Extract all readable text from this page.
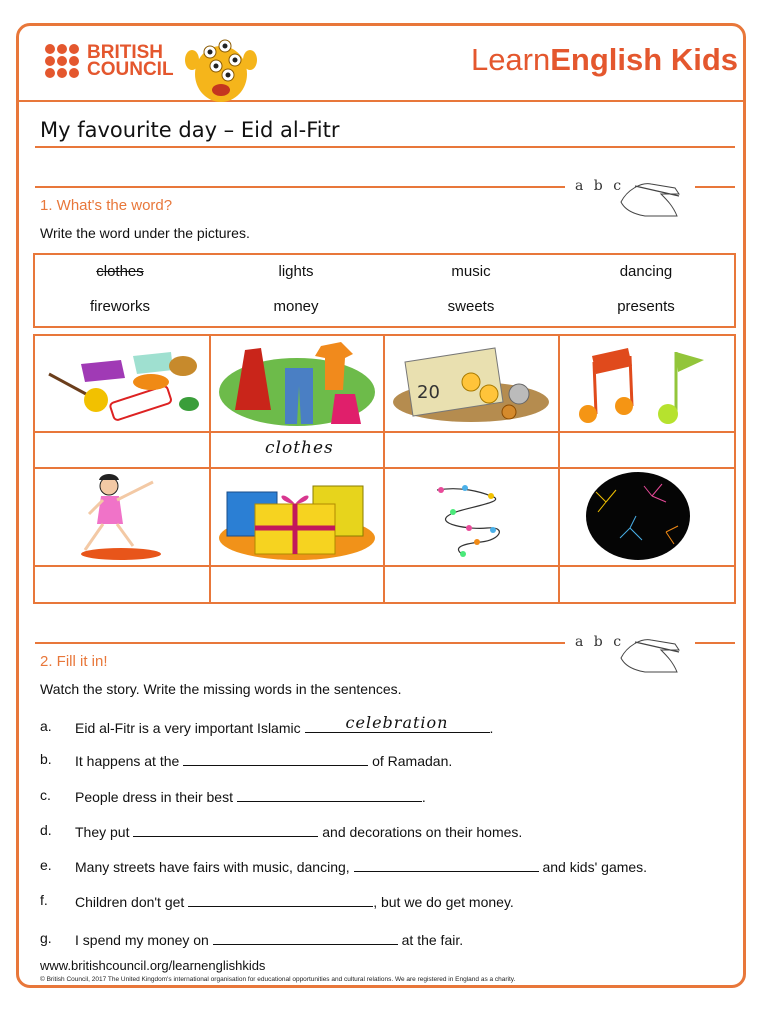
BRITISH
COUNCIL	LearnEnglish Kids
My favourite day – Eid al-Fitr
a b c
1. What's the word?
Write the word under the pictures.
clothes	lights	music	dancing
fireworks	money	sweets	presents
20
clothes
a b c
2. Fill it in!
Watch the story. Write the missing words in the sentences.
a. Eid al-Fitr is a very important Islamic	celebration	.
b. It happens at the	of Ramadan.
c. People dress in their best	.
d. They put	and decorations on their homes.
e. Many streets have fairs with music, dancing,	and kids' games.
f. Children don't get	, but we do get money.
g. I spend my money on	at the fair.
www.britishcouncil.org/learnenglishkids
© British Council, 2017 The United Kingdom's international organisation for educational opportunities and cultural relations. We are registered in England as a charity.
